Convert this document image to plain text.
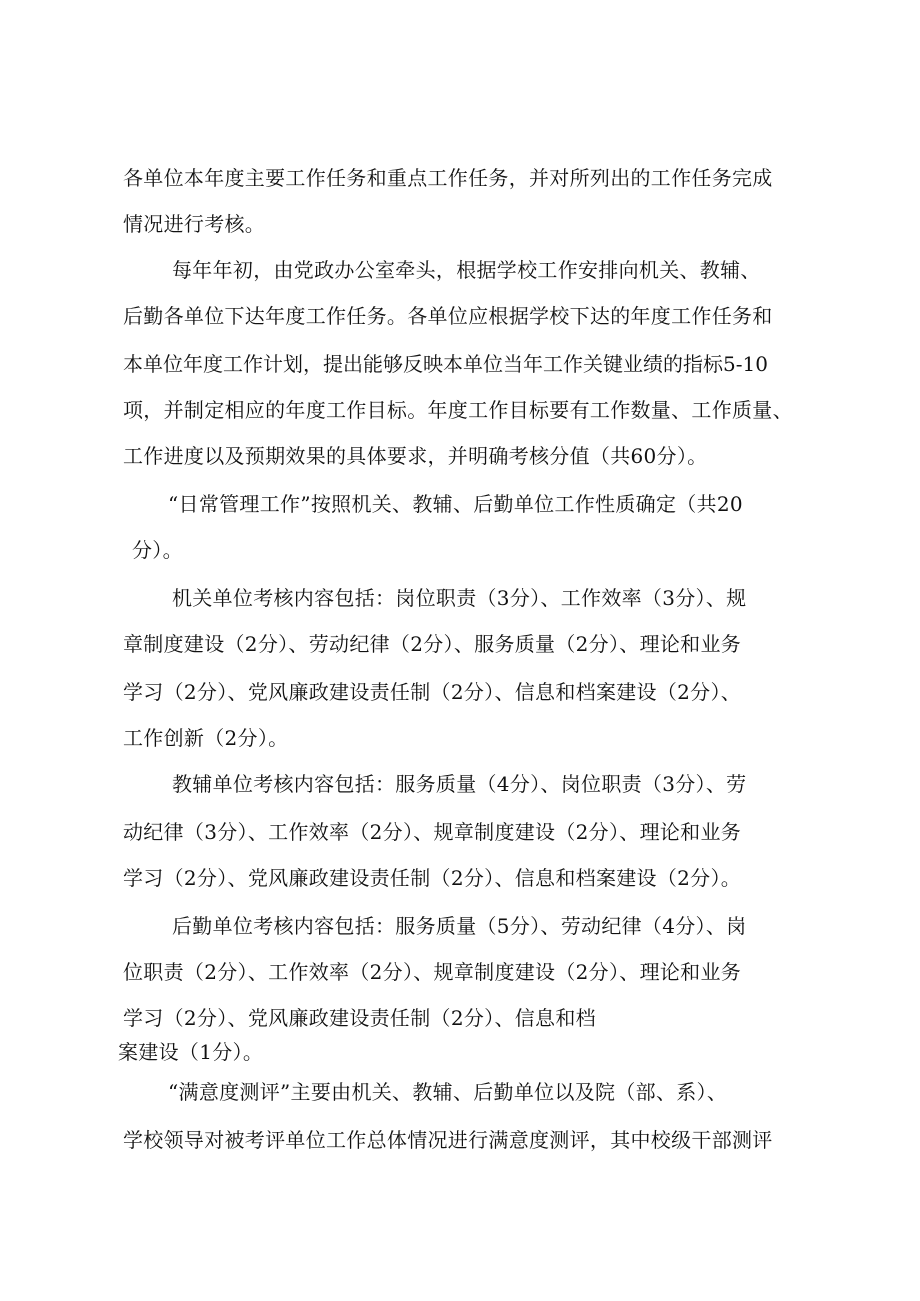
各单位本年度主要工作任务和重点工作任务，并对所列出的工作任务完成
情况进行考核。
每年年初，由党政办公室牵头，根据学校工作安排向机关、教辅、
后勤各单位下达年度工作任务。各单位应根据学校下达的年度工作任务和
本单位年度工作计划，提出能够反映本单位当年工作关键业绩的指标5-10
项，并制定相应的年度工作目标。年度工作目标要有工作数量、工作质量、
工作进度以及预期效果的具体要求，并明确考核分值（共60分）。
“日常管理工作”按照机关、教辅、后勤单位工作性质确定（共20
分）。
机关单位考核内容包括：岗位职责（3分）、工作效率（3分）、规
章制度建设（2分）、劳动纪律（2分）、服务质量（2分）、理论和业务
学习（2分）、党风廉政建设责任制（2分）、信息和档案建设（2分）、
工作创新（2分）。
教辅单位考核内容包括：服务质量（4分）、岗位职责（3分）、劳
动纪律（3分）、工作效率（2分）、规章制度建设（2分）、理论和业务
学习（2分）、党风廉政建设责任制（2分）、信息和档案建设（2分）。
后勤单位考核内容包括：服务质量（5分）、劳动纪律（4分）、岗
位职责（2分）、工作效率（2分）、规章制度建设（2分）、理论和业务
学习（2分）、党风廉政建设责任制（2分）、信息和档
案建设（1分）。
“满意度测评”主要由机关、教辅、后勤单位以及院（部、系）、
学校领导对被考评单位工作总体情况进行满意度测评，其中校级干部测评
